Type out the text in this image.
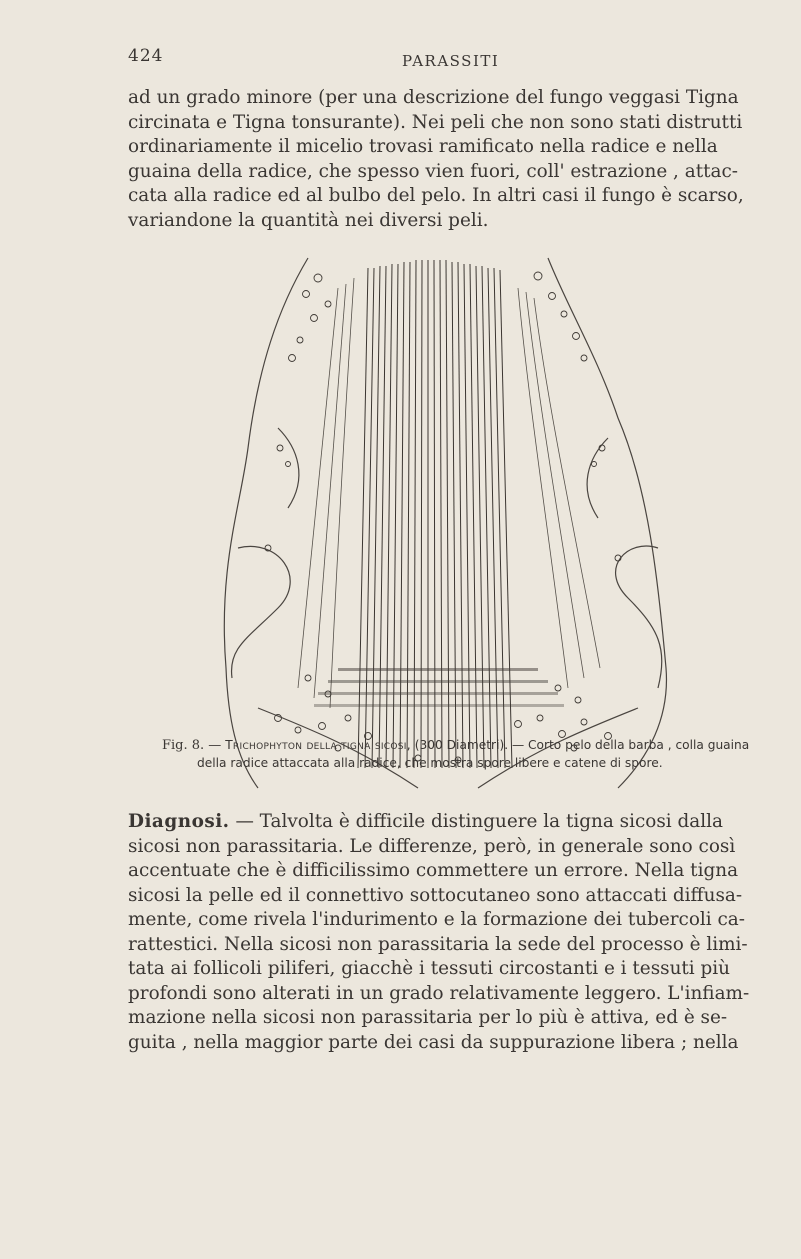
424	PARASSITI

ad un grado minore (per una descrizione del fungo veggasi Tigna
circinata e Tigna tonsurante). Nei peli che non sono stati distrutti
ordinariamente il micelio trovasi ramificato nella radice e nella
guaina della radice, che spesso vien fuori, coll' estrazione , attac-
cata alla radice ed al bulbo del pelo. In altri casi il fungo è scarso,
variandone la quantità nei diversi peli.

Fig. 8. — Trichophyton della tigna sicosi, (300 Diametri). — Corto pelo della barba , colla guaina
della radice attaccata alla radice, che mostra spore libere e catene di spore.

Diagnosi. — Talvolta è difficile distinguere la tigna sicosi dalla
sicosi non parassitaria. Le differenze, però, in generale sono così
accentuate che è difficilissimo commettere un errore. Nella tigna
sicosi la pelle ed il connettivo sottocutaneo sono attaccati diffusa-
mente, come rivela l'indurimento e la formazione dei tubercoli ca-
rattestici. Nella sicosi non parassitaria la sede del processo è limi-
tata ai follicoli piliferi, giacchè i tessuti circostanti e i tessuti più
profondi sono alterati in un grado relativamente leggero. L'infiam-
mazione nella sicosi non parassitaria per lo più è attiva, ed è se-
guita , nella maggior parte dei casi da suppurazione libera ; nella
